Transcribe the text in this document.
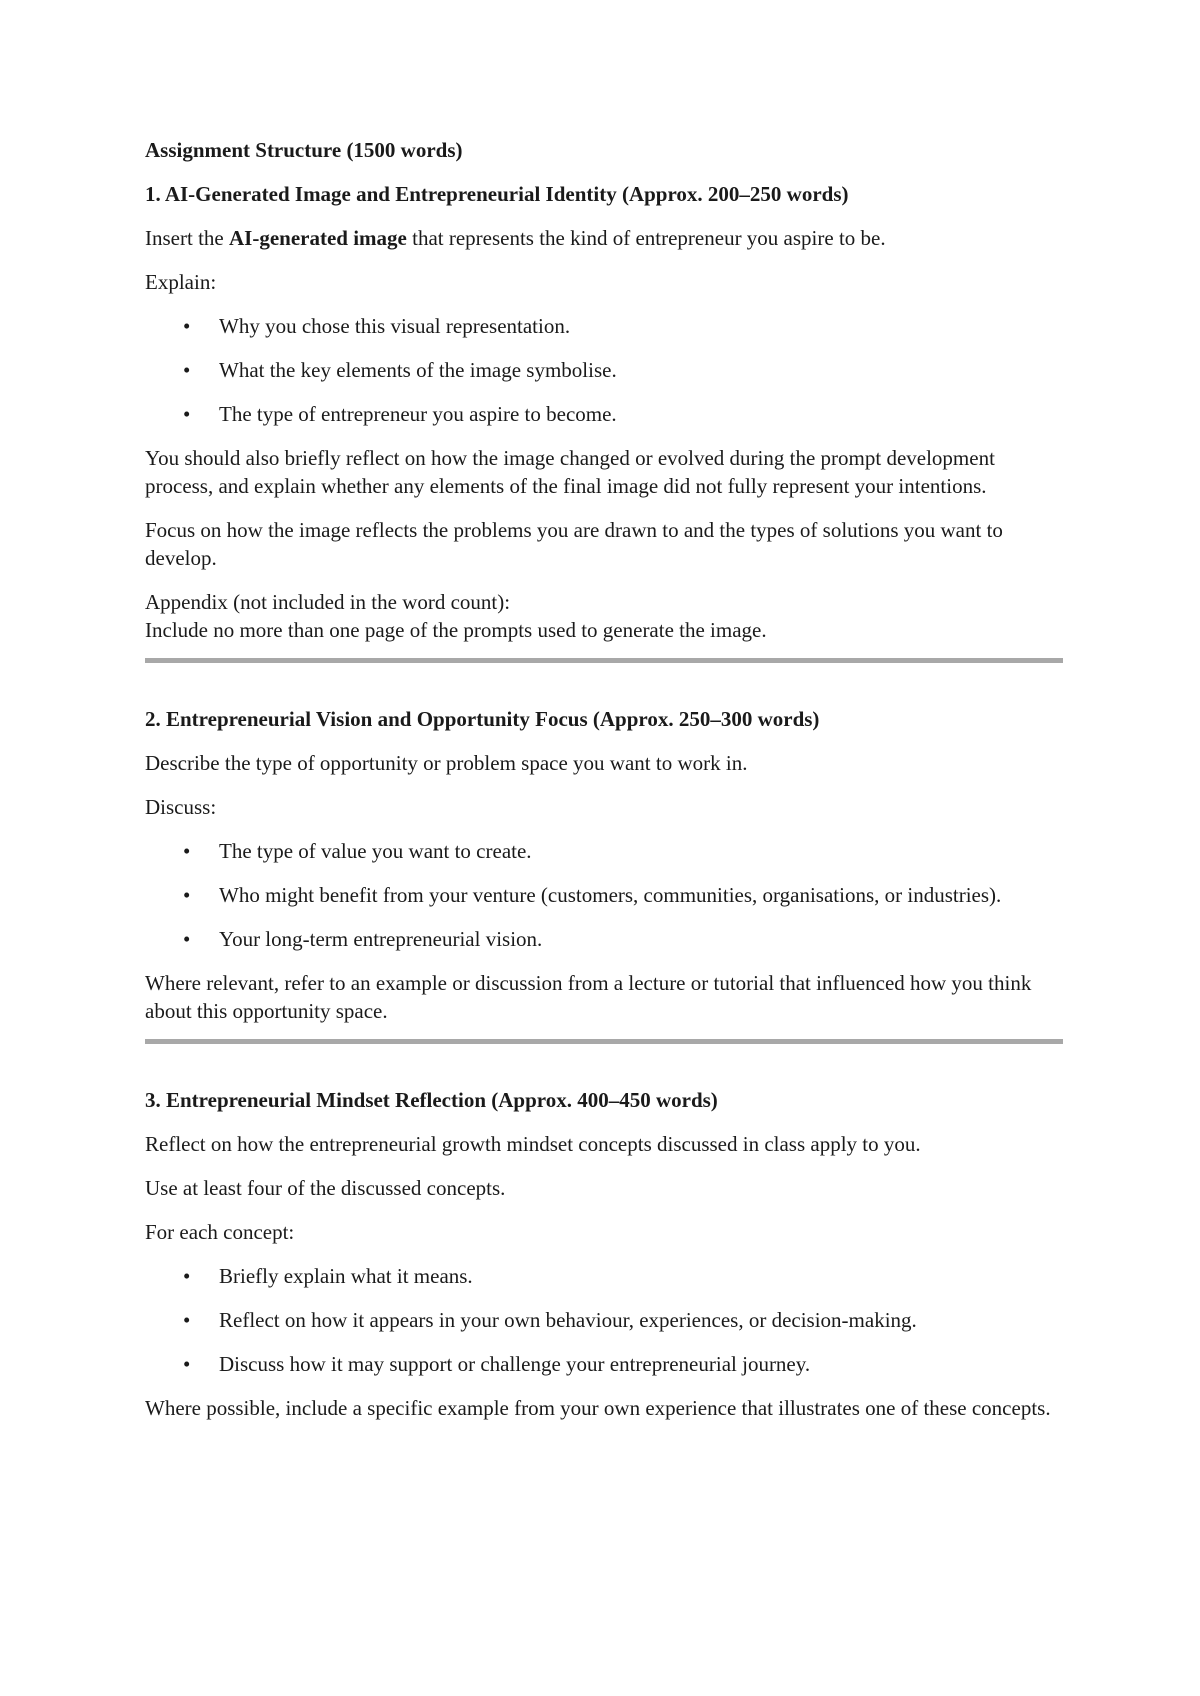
Assignment Structure (1500 words)

1. AI-Generated Image and Entrepreneurial Identity (Approx. 200–250 words)

Insert the AI-generated image that represents the kind of entrepreneur you aspire to be.

Explain:

• Why you chose this visual representation.
• What the key elements of the image symbolise.
• The type of entrepreneur you aspire to become.

You should also briefly reflect on how the image changed or evolved during the prompt development process, and explain whether any elements of the final image did not fully represent your intentions.

Focus on how the image reflects the problems you are drawn to and the types of solutions you want to develop.

Appendix (not included in the word count):
Include no more than one page of the prompts used to generate the image.

2. Entrepreneurial Vision and Opportunity Focus (Approx. 250–300 words)

Describe the type of opportunity or problem space you want to work in.

Discuss:

• The type of value you want to create.
• Who might benefit from your venture (customers, communities, organisations, or industries).
• Your long-term entrepreneurial vision.

Where relevant, refer to an example or discussion from a lecture or tutorial that influenced how you think about this opportunity space.

3. Entrepreneurial Mindset Reflection (Approx. 400–450 words)

Reflect on how the entrepreneurial growth mindset concepts discussed in class apply to you.

Use at least four of the discussed concepts.

For each concept:

• Briefly explain what it means.
• Reflect on how it appears in your own behaviour, experiences, or decision-making.
• Discuss how it may support or challenge your entrepreneurial journey.

Where possible, include a specific example from your own experience that illustrates one of these concepts.
